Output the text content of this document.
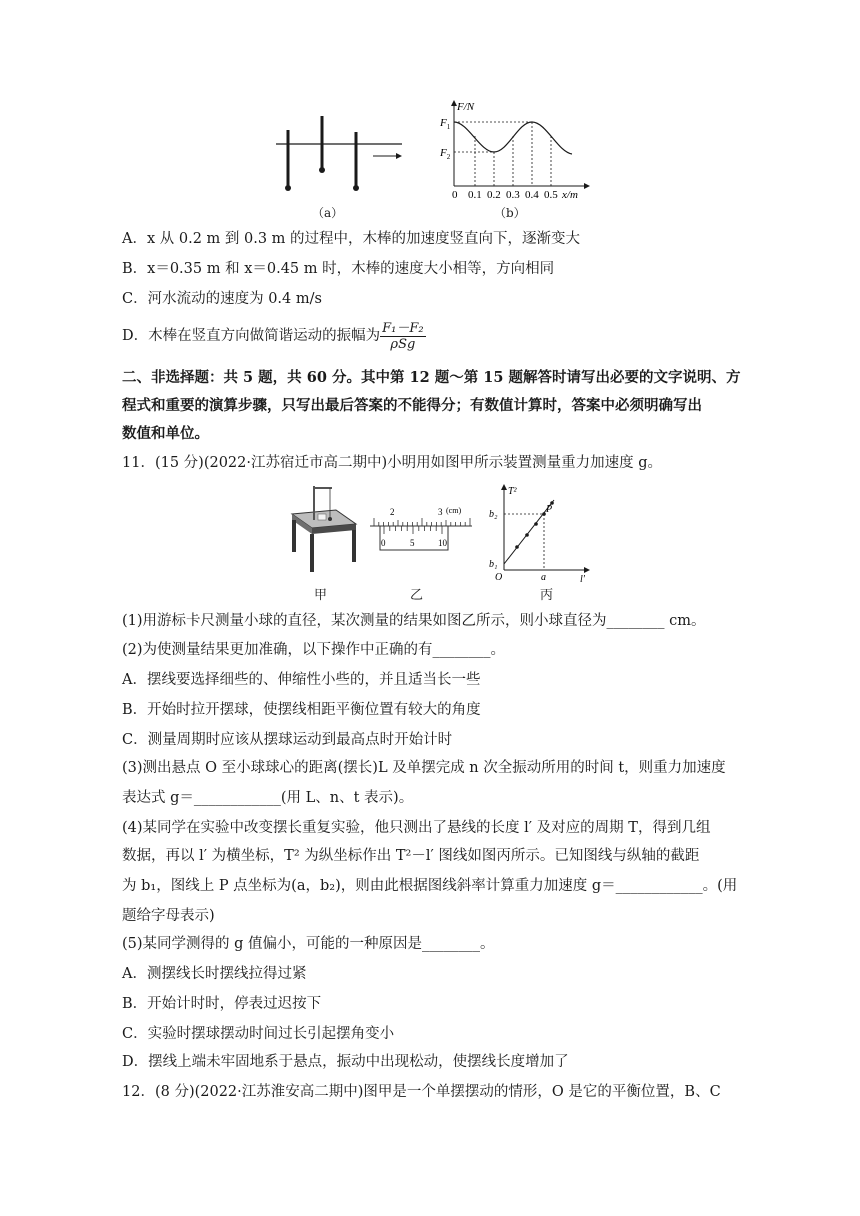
（a）
F/N
$F_1$
$F_2$
x/m
0 0.1 0.2 0.3 0.4 0.5
（b）
A．x 从 0.2 m 到 0.3 m 的过程中，木棒的加速度竖直向下，逐渐变大
B．x＝0.35 m 和 x＝0.45 m 时，木棒的速度大小相等，方向相同
C．河水流动的速度为 0.4 m/s
D．木棒在竖直方向做简谐运动的振幅为 $\frac{\text{F₁－F₂}}{\text{ρSg}}$
二、非选择题：共 5 题，共 60 分。其中第 12 题～第 15 题解答时请写出必要的文字说明、方
程式和重要的演算步骤，只写出最后答案的不能得分；有数值计算时，答案中必须明确写出
数值和单位。
11．(15 分)(2022·江苏宿迁市高二期中)小明用如图甲所示装置测量重力加速度 g。
甲
2	3 (cm)
0	5	10
乙
T²
b₂
b₁
O	a
P
l′
丙
(1)用游标卡尺测量小球的直径，某次测量的结果如图乙所示，则小球直径为________ cm。
(2)为使测量结果更加准确，以下操作中正确的有________。
A．摆线要选择细些的、伸缩性小些的，并且适当长一些
B．开始时拉开摆球，使摆线相距平衡位置有较大的角度
C．测量周期时应该从摆球运动到最高点时开始计时
(3)测出悬点 O 至小球球心的距离(摆长)L 及单摆完成 n 次全振动所用的时间 t，则重力加速度
表达式 g＝____________(用 L、n、t 表示)。
(4)某同学在实验中改变摆长重复实验，他只测出了悬线的长度 l′ 及对应的周期 T，得到几组
数据，再以 l′ 为横坐标，T² 为纵坐标作出 T²－l′ 图线如图丙所示。已知图线与纵轴的截距
为 b₁，图线上 P 点坐标为(a，b₂)，则由此根据图线斜率计算重力加速度 g＝____________。(用
题给字母表示)
(5)某同学测得的 g 值偏小，可能的一种原因是________。
A．测摆线长时摆线拉得过紧
B．开始计时时，停表过迟按下
C．实验时摆球摆动时间过长引起摆角变小
D．摆线上端未牢固地系于悬点，振动中出现松动，使摆线长度增加了
12．(8 分)(2022·江苏淮安高二期中)图甲是一个单摆摆动的情形，O 是它的平衡位置，B、C
